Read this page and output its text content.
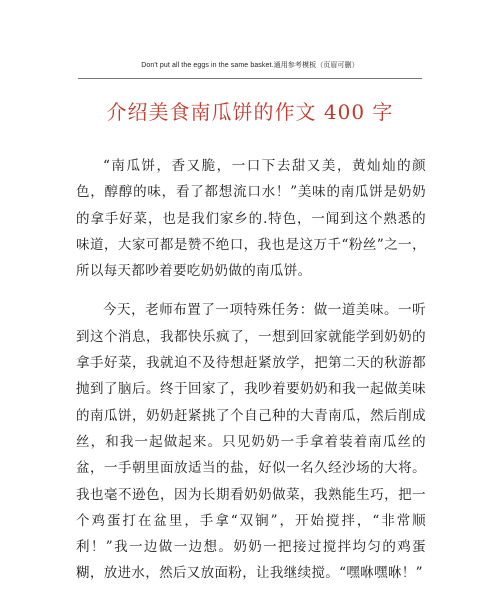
Don't put all the eggs in the same basket.通用参考模板（页眉可删）
介绍美食南瓜饼的作文 400 字

“南瓜饼，香又脆，一口下去甜又美，黄灿灿的颜色，醇醇的味，看了都想流口水！”美味的南瓜饼是奶奶的拿手好菜，也是我们家乡的.特色，一闻到这个熟悉的味道，大家可都是赞不绝口，我也是这万千“粉丝”之一，所以每天都吵着要吃奶奶做的南瓜饼。

今天，老师布置了一项特殊任务：做一道美味。一听到这个消息，我都快乐疯了，一想到回家就能学到奶奶的拿手好菜，我就迫不及待想赶紧放学，把第二天的秋游都抛到了脑后。终于回家了，我吵着要奶奶和我一起做美味的南瓜饼，奶奶赶紧挑了个自己种的大青南瓜，然后削成丝，和我一起做起来。只见奶奶一手拿着装着南瓜丝的盆，一手朝里面放适当的盐，好似一名久经沙场的大将。我也毫不逊色，因为长期看奶奶做菜，我熟能生巧，把一个鸡蛋打在盆里，手拿“双锏”，开始搅拌，“非常顺利！”我一边做一边想。奶奶一把接过搅拌均匀的鸡蛋糊，放进水，然后又放面粉，让我继续搅。“嘿咻嘿咻！”
